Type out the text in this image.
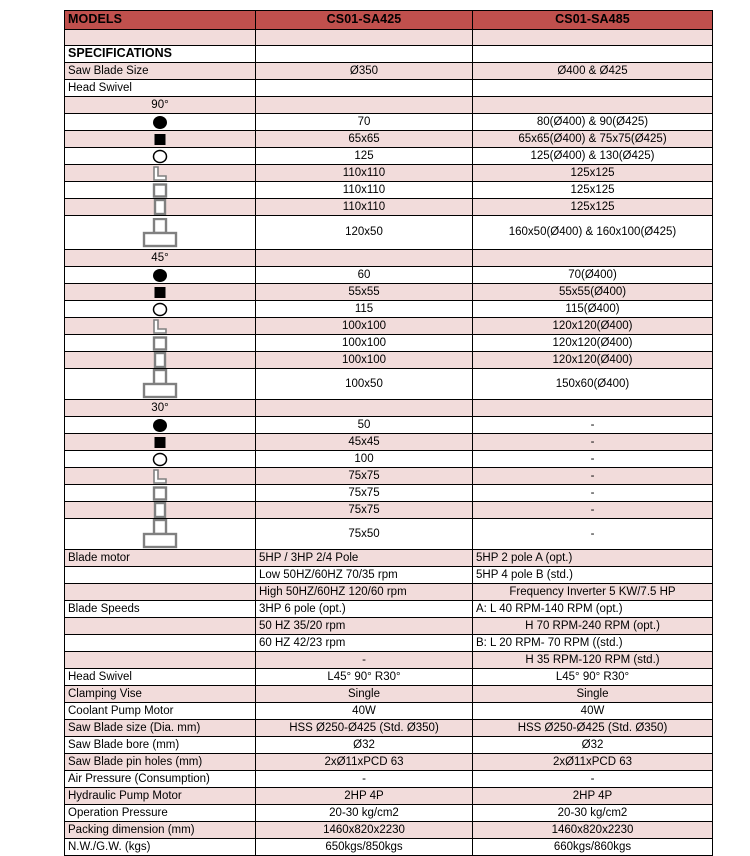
MODELS	CS01-SA425	CS01-SA485

SPECIFICATIONS		
Saw Blade Size	Ø350	Ø400 & Ø425
Head Swivel		
90°		

	70	80(Ø400) & 90(Ø425)

	65x65	65x65(Ø400) & 75x75(Ø425)

	125	125(Ø400) & 130(Ø425)

	110x110	125x125

	110x110	125x125

	110x110	125x125

	120x50	160x50(Ø400) & 160x100(Ø425)
45°		

	60	70(Ø400)

	55x55	55x55(Ø400)

	115	115(Ø400)

	100x100	120x120(Ø400)

	100x100	120x120(Ø400)

	100x100	120x120(Ø400)

	100x50	150x60(Ø400)
30°		

	50	-

	45x45	-

	100	-

	75x75	-

	75x75	-

	75x75	-

	75x50	-
Blade motor	5HP / 3HP 2/4 Pole	5HP 2 pole A (opt.)
	Low 50HZ/60HZ 70/35 rpm	5HP 4 pole B (std.)
	High 50HZ/60HZ 120/60 rpm	Frequency Inverter 5 KW/7.5 HP
Blade Speeds	3HP 6 pole (opt.)	A: L 40 RPM-140 RPM (opt.)
	50 HZ 35/20 rpm	H 70 RPM-240 RPM (opt.)
	60 HZ 42/23 rpm	B: L 20 RPM- 70 RPM ((std.)
	-	H 35 RPM-120 RPM (std.)
Head Swivel	L45° 90° R30°	L45° 90° R30°
Clamping Vise	Single	Single
Coolant Pump Motor	40W	40W
Saw Blade size (Dia. mm)	HSS Ø250-Ø425 (Std. Ø350)	HSS Ø250-Ø425 (Std. Ø350)
Saw Blade bore (mm)	Ø32	Ø32
Saw Blade pin holes (mm)	2xØ11xPCD 63	2xØ11xPCD 63
Air Pressure (Consumption)	-	-
Hydraulic Pump Motor	2HP 4P	2HP 4P
Operation Pressure	20-30 kg/cm2	20-30 kg/cm2
Packing dimension (mm)	1460x820x2230	1460x820x2230
N.W./G.W. (kgs)	650kgs/850kgs	660kgs/860kgs
